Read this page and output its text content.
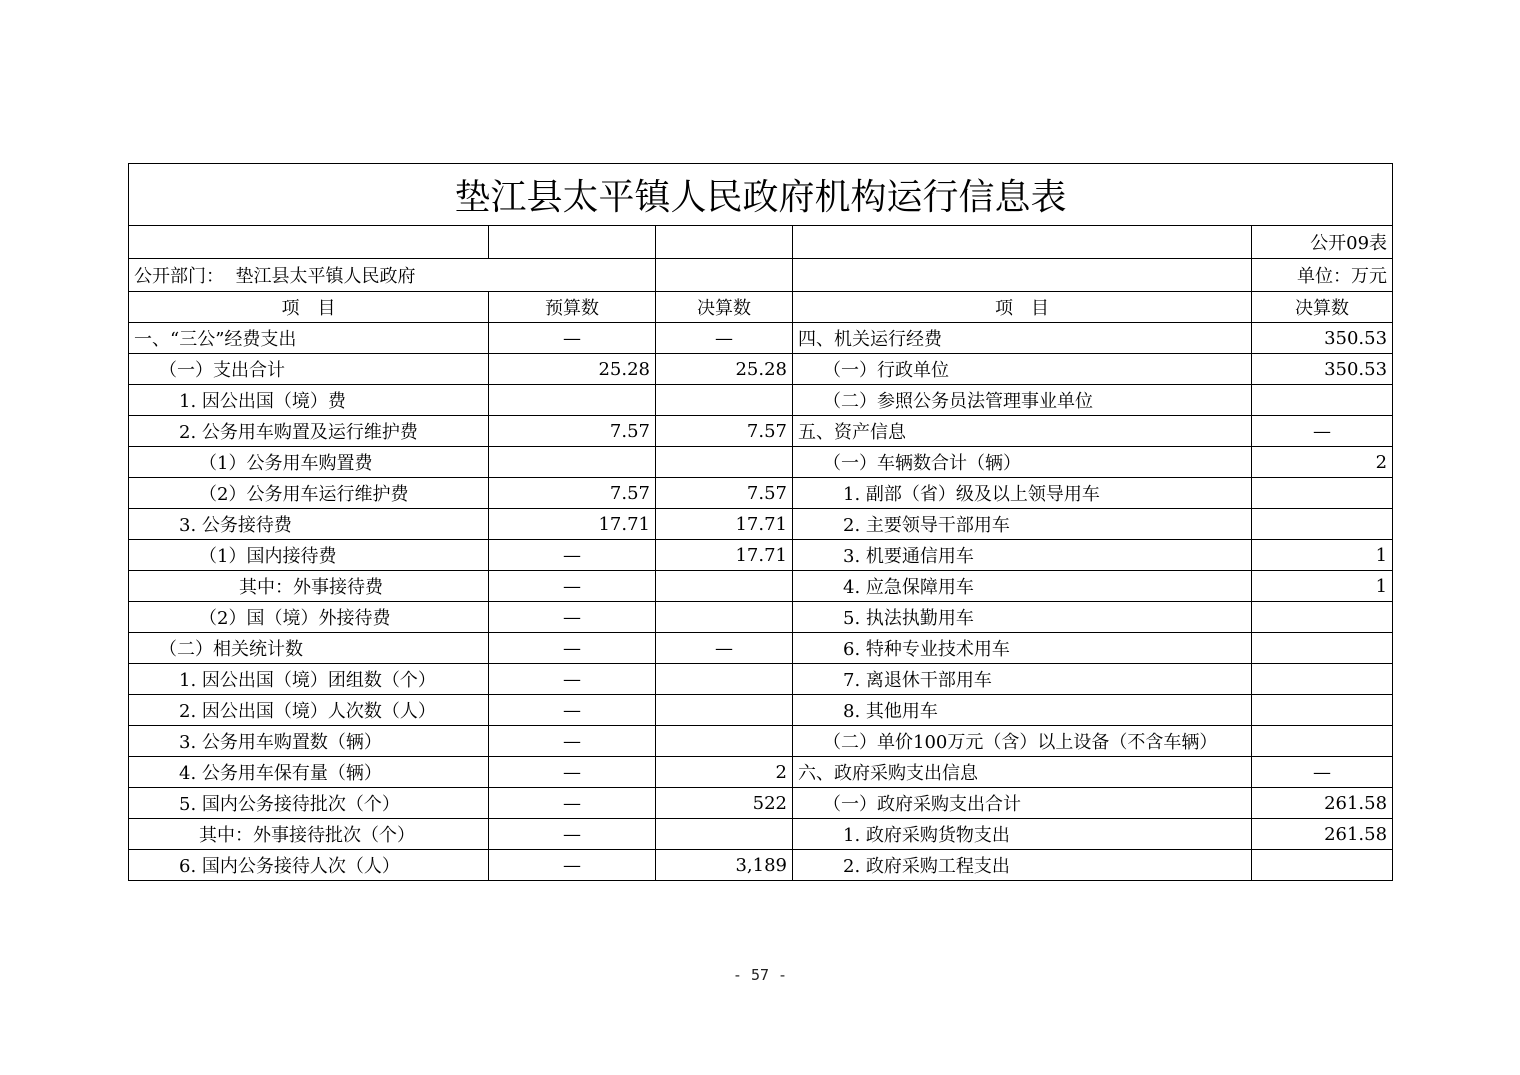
垫江县太平镇人民政府机构运行信息表				
				公开09表
公开部门： 垫江县太平镇人民政府				单位：万元
项　目	预算数	决算数	项　目	决算数
一、“三公”经费支出	—	—	四、机关运行经费	350.53
（一）支出合计	25.28	25.28	（一）行政单位	350.53
1. 因公出国（境）费			（二）参照公务员法管理事业单位	
2. 公务用车购置及运行维护费	7.57	7.57	五、资产信息	—
（1）公务用车购置费			（一）车辆数合计（辆）	2
（2）公务用车运行维护费	7.57	7.57	1. 副部（省）级及以上领导用车	
3. 公务接待费	17.71	17.71	2. 主要领导干部用车	
（1）国内接待费	—	17.71	3. 机要通信用车	1
其中：外事接待费	—		4. 应急保障用车	1
（2）国（境）外接待费	—		5. 执法执勤用车	
（二）相关统计数	—	—	6. 特种专业技术用车	
1. 因公出国（境）团组数（个）	—		7. 离退休干部用车	
2. 因公出国（境）人次数（人）	—		8. 其他用车	
3. 公务用车购置数（辆）	—		（二）单价100万元（含）以上设备（不含车辆）	
4. 公务用车保有量（辆）	—	2	六、政府采购支出信息	—
5. 国内公务接待批次（个）	—	522	（一）政府采购支出合计	261.58
其中：外事接待批次（个）	—		1. 政府采购货物支出	261.58
6. 国内公务接待人次（人）	—	3,189	2. 政府采购工程支出	
- 57 -
